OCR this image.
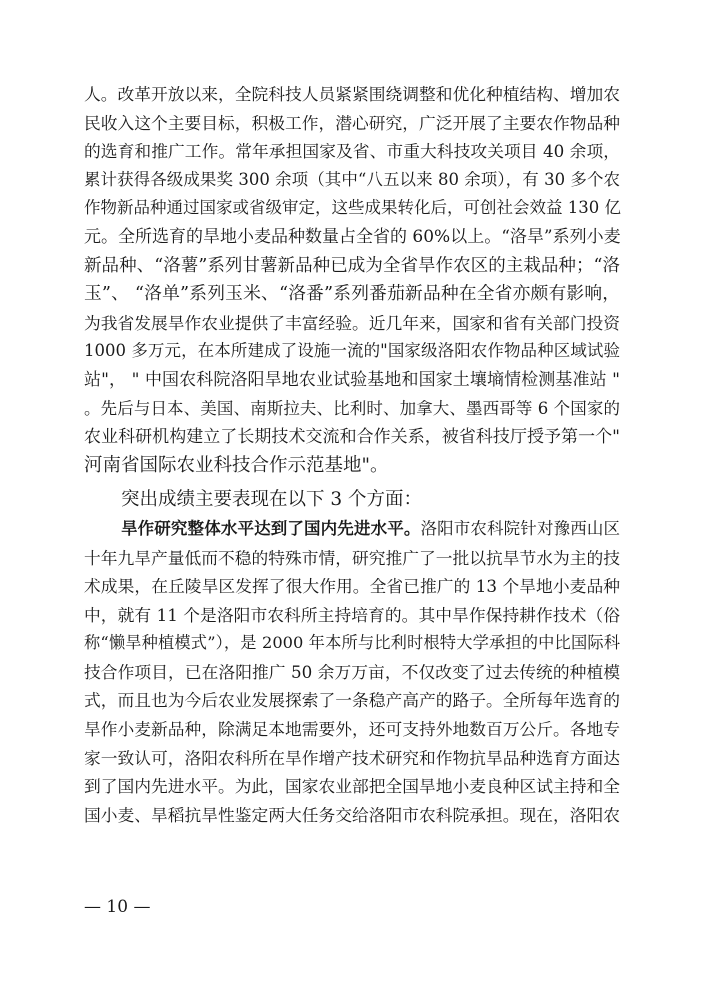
人。改革开放以来，全院科技人员紧紧围绕调整和优化种植结构、增加农
民收入这个主要目标，积极工作，潜心研究，广泛开展了主要农作物品种
的选育和推广工作。常年承担国家及省、市重大科技攻关项目 40 余项，
累计获得各级成果奖 300 余项（其中“八五以来 80 余项），有 30 多个农
作物新品种通过国家或省级审定，这些成果转化后，可创社会效益 130 亿
元。全所选育的旱地小麦品种数量占全省的 60%以上。“洛旱”系列小麦
新品种、“洛薯”系列甘薯新品种已成为全省旱作农区的主栽品种；“洛
玉”、 “洛单”系列玉米、“洛番”系列番茄新品种在全省亦颇有影响，
为我省发展旱作农业提供了丰富经验。近几年来，国家和省有关部门投资
1000 多万元，在本所建成了设施一流的"国家级洛阳农作物品种区域试验
站"， " 中国农科院洛阳旱地农业试验基地和国家土壤墒情检测基准站 "
。先后与日本、美国、南斯拉夫、比利时、加拿大、墨西哥等 6 个国家的
农业科研机构建立了长期技术交流和合作关系，被省科技厅授予第一个"
河南省国际农业科技合作示范基地"。
突出成绩主要表现在以下 3 个方面：
旱作研究整体水平达到了国内先进水平。洛阳市农科院针对豫西山区
十年九旱产量低而不稳的特殊市情，研究推广了一批以抗旱节水为主的技
术成果，在丘陵旱区发挥了很大作用。全省已推广的 13 个旱地小麦品种
中，就有 11 个是洛阳市农科所主持培育的。其中旱作保持耕作技术（俗
称“懒旱种植模式”），是 2000 年本所与比利时根特大学承担的中比国际科
技合作项目，已在洛阳推广 50 余万万亩，不仅改变了过去传统的种植模
式，而且也为今后农业发展探索了一条稳产高产的路子。全所每年选育的
旱作小麦新品种，除满足本地需要外，还可支持外地数百万公斤。各地专
家一致认可，洛阳农科所在旱作增产技术研究和作物抗旱品种选育方面达
到了国内先进水平。为此，国家农业部把全国旱地小麦良种区试主持和全
国小麦、旱稻抗旱性鉴定两大任务交给洛阳市农科院承担。现在，洛阳农
— 10 —
